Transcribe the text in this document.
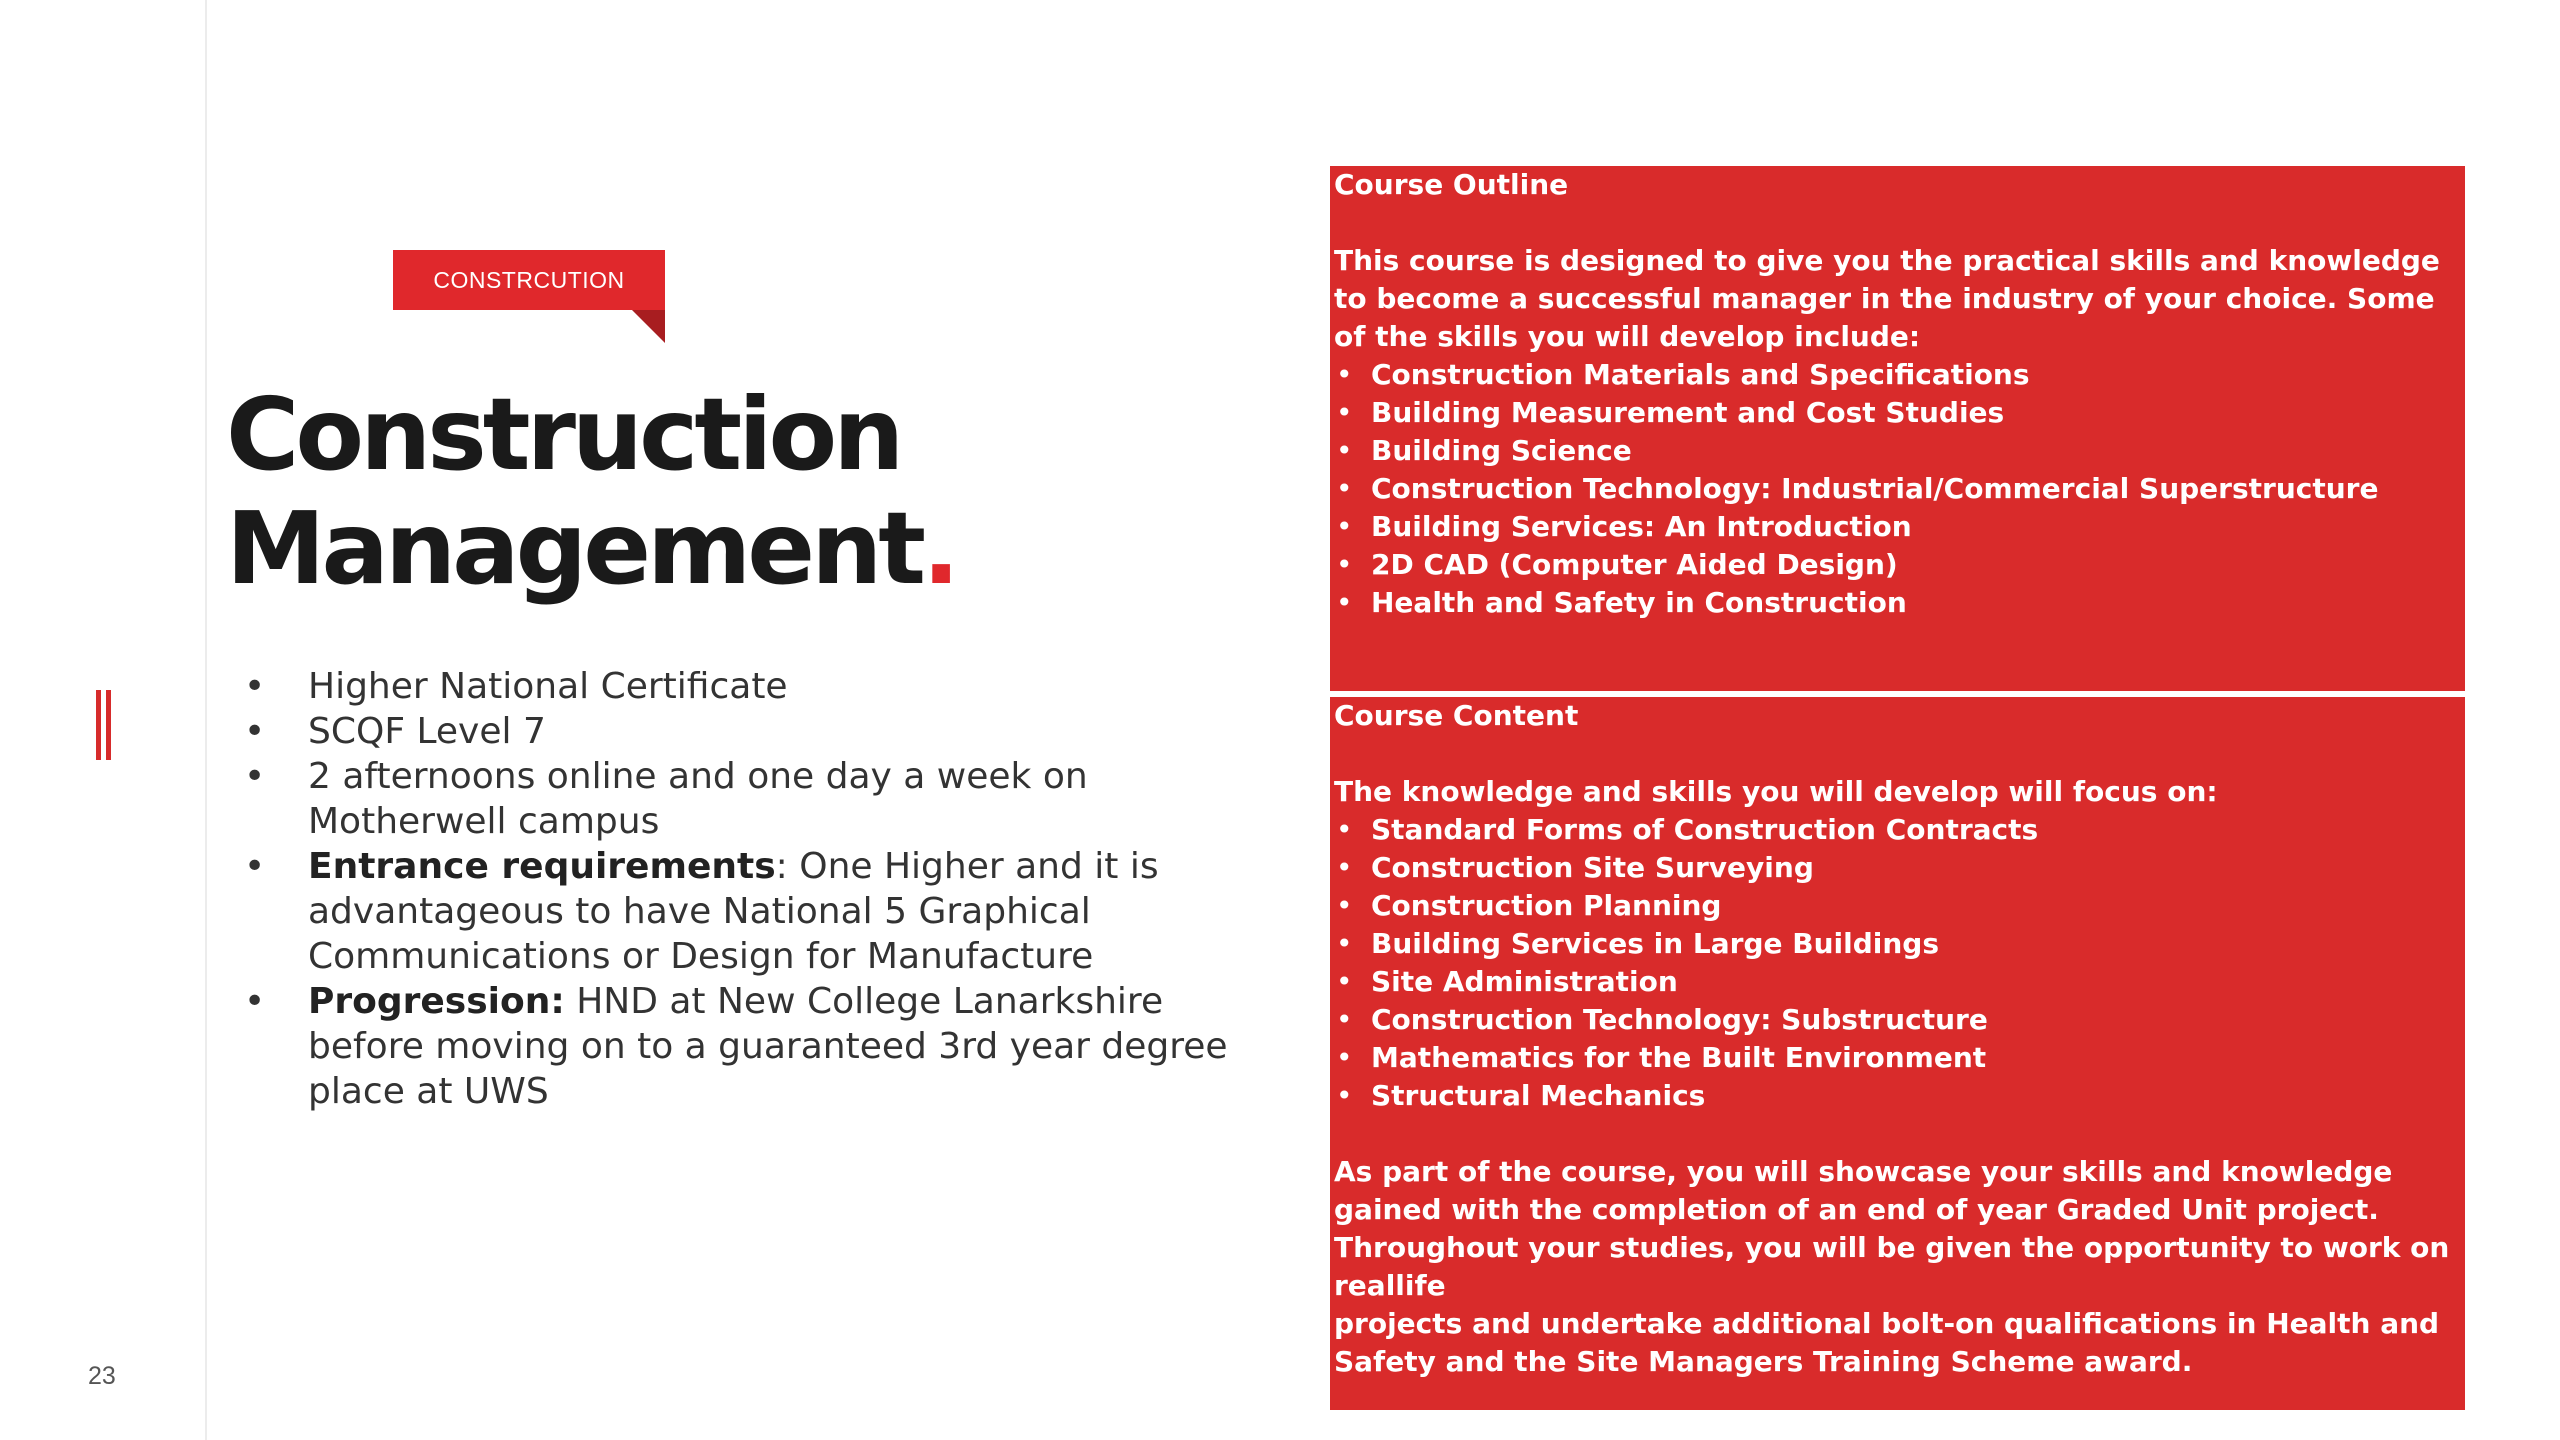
23
CONSTRCUTION
Construction
Management.
• Higher National Certificate
• SCQF Level 7
• 2 afternoons online and one day a week on Motherwell campus
• Entrance requirements: One Higher and it is advantageous to have National 5 Graphical Communications or Design for Manufacture
• Progression: HND at New College Lanarkshire before moving on to a guaranteed 3rd year degree place at UWS

Course Outline

This course is designed to give you the practical skills and knowledge to become a successful manager in the industry of your choice. Some of the skills you will develop include:

• Construction Materials and Specifications
• Building Measurement and Cost Studies
• Building Science
• Construction Technology: Industrial/Commercial Superstructure
• Building Services: An Introduction
• 2D CAD (Computer Aided Design)
• Health and Safety in Construction

Course Content

The knowledge and skills you will develop will focus on:

• Standard Forms of Construction Contracts
• Construction Site Surveying
• Construction Planning
• Building Services in Large Buildings
• Site Administration
• Construction Technology: Substructure
• Mathematics for the Built Environment
• Structural Mechanics

As part of the course, you will showcase your skills and knowledge gained with the completion of an end of year Graded Unit project.

Throughout your studies, you will be given the opportunity to work on reallife

projects and undertake additional bolt-on qualifications in Health and Safety and the Site Managers Training Scheme award.
